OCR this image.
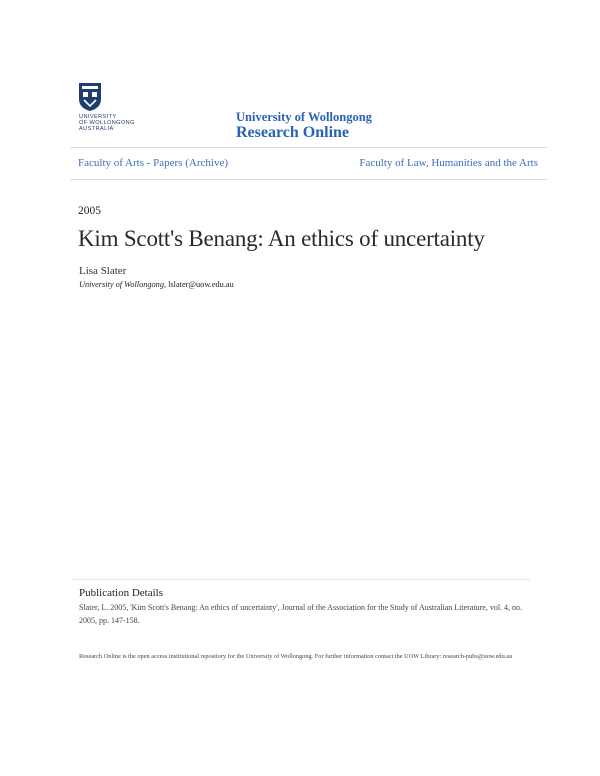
UNIVERSITY
OF WOLLONGONG
AUSTRALIA
University of Wollongong
Research Online
Faculty of Arts - Papers (Archive)	Faculty of Law, Humanities and the Arts
2005
Kim Scott's Benang: An ethics of uncertainty
Lisa Slater
University of Wollongong, lslater@uow.edu.au
Publication Details
Slater, L. 2005, 'Kim Scott's Benang: An ethics of uncertainty', Journal of the Association for the Study of Australian Literature, vol. 4, no. 2005, pp. 147-158.
Research Online is the open access institutional repository for the University of Wollongong. For further information contact the UOW Library: research-pubs@uow.edu.au
